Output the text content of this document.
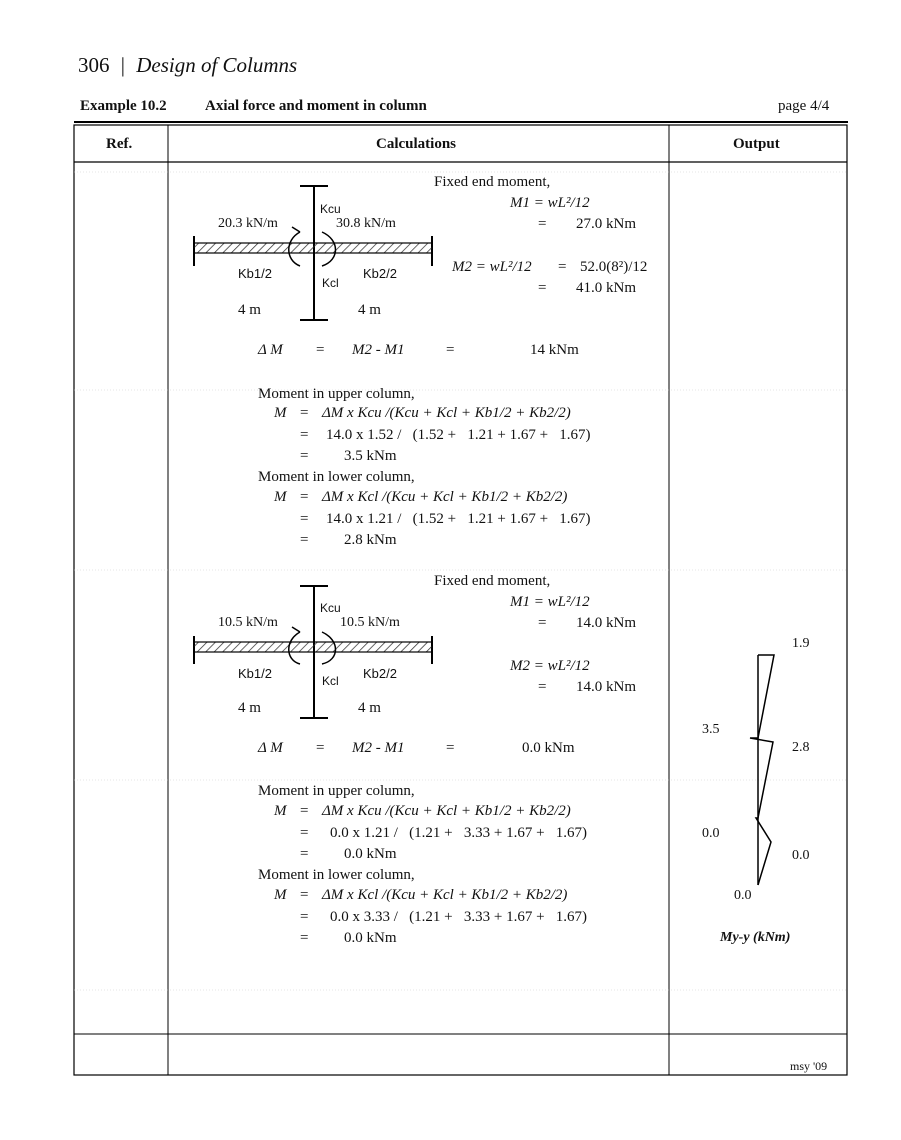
306 | Design of Columns
Example 10.2	Axial force and moment in column	page 4/4
Ref.	Calculations	Output
20.3 kN/m	30.8 kN/m
Kcu
Kcl
Kb1/2	Kb2/2
4 m	4 m
Fixed end moment,
M1 = wL²/12
= 27.0 kNm
M2 = wL²/12 = 52.0(8²)/12
= 41.0 kNm
Δ M = M2 - M1	=	14 kNm
Moment in upper column,
M = ΔM x Kcu /(Kcu + Kcl + Kb1/2 + Kb2/2)
= 14.0 x 1.52 /   (1.52 +   1.21 + 1.67 +   1.67)
= 3.5 kNm
Moment in lower column,
M = ΔM x Kcl /(Kcu + Kcl + Kb1/2 + Kb2/2)
= 14.0 x 1.21 /   (1.52 +   1.21 + 1.67 +   1.67)
= 2.8 kNm
10.5 kN/m	10.5 kN/m
Kcu
Kcl
Kb1/2	Kb2/2
4 m	4 m
Fixed end moment,
M1 = wL²/12
= 14.0 kNm
M2 = wL²/12
= 14.0 kNm
Δ M = M2 - M1	=	0.0 kNm
Moment in upper column,
M = ΔM x Kcu /(Kcu + Kcl + Kb1/2 + Kb2/2)
= 0.0 x 1.21 /   (1.21 +   3.33 + 1.67 +   1.67)
= 0.0 kNm
Moment in lower column,
M = ΔM x Kcl /(Kcu + Kcl + Kb1/2 + Kb2/2)
= 0.0 x 3.33 /   (1.21 +   3.33 + 1.67 +   1.67)
= 0.0 kNm
1.9
3.5
2.8
0.0
0.0
0.0
My-y (kNm)
msy '09
